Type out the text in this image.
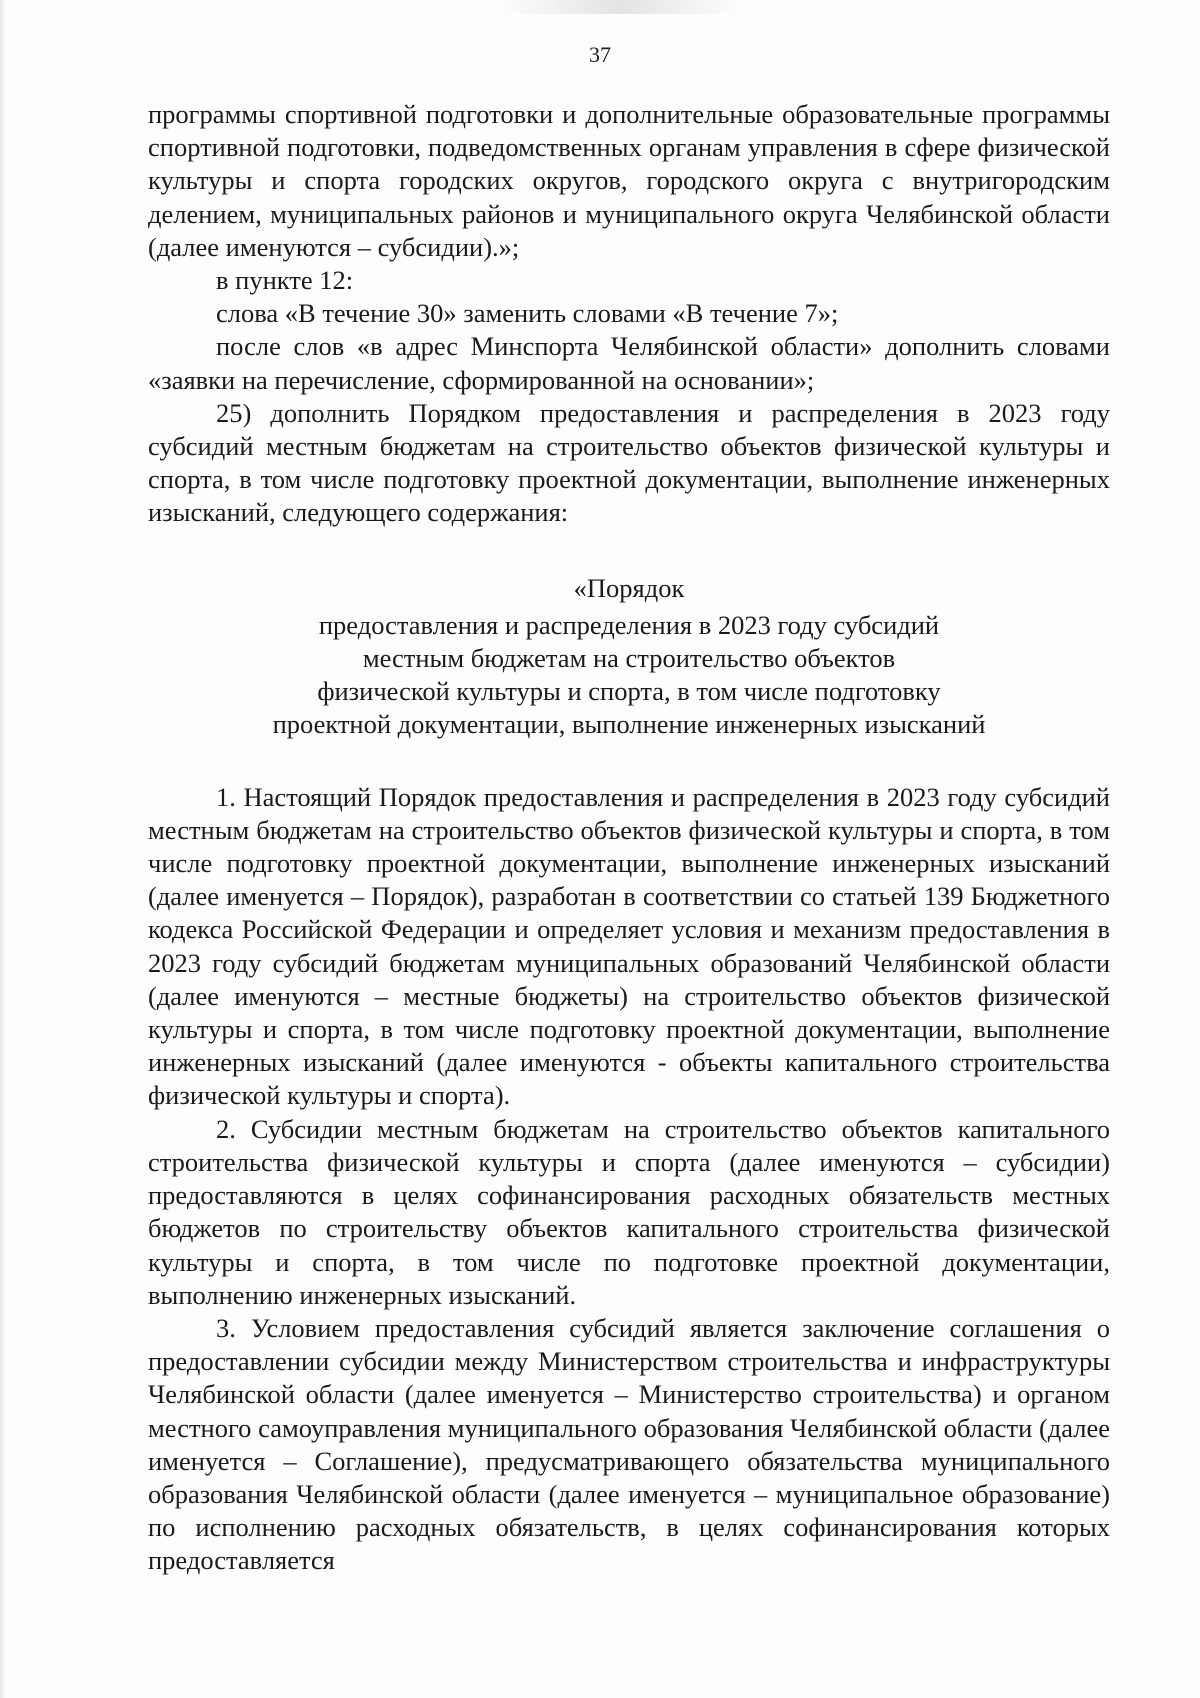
37

программы спортивной подготовки и дополнительные образовательные программы спортивной подготовки, подведомственных органам управления в сфере физической культуры и спорта городских округов, городского округа с внутригородским делением, муниципальных районов и муниципального округа Челябинской области (далее именуются – субсидии).»;

в пункте 12:

слова «В течение 30» заменить словами «В течение 7»;

после слов «в адрес Минспорта Челябинской области» дополнить словами «заявки на перечисление, сформированной на основании»;

25) дополнить Порядком предоставления и распределения в 2023 году субсидий местным бюджетам на строительство объектов физической культуры и спорта, в том числе подготовку проектной документации, выполнение инженерных изысканий, следующего содержания:

«Порядок
предоставления и распределения в 2023 году субсидий
местным бюджетам на строительство объектов
физической культуры и спорта, в том числе подготовку
проектной документации, выполнение инженерных изысканий

1. Настоящий Порядок предоставления и распределения в 2023 году субсидий местным бюджетам на строительство объектов физической культуры и спорта, в том числе подготовку проектной документации, выполнение инженерных изысканий (далее именуется – Порядок), разработан в соответствии со статьей 139 Бюджетного кодекса Российской Федерации и определяет условия и механизм предоставления в 2023 году субсидий бюджетам муниципальных образований Челябинской области (далее именуются – местные бюджеты) на строительство объектов физической культуры и спорта, в том числе подготовку проектной документации, выполнение инженерных изысканий (далее именуются - объекты капитального строительства физической культуры и спорта).

2. Субсидии местным бюджетам на строительство объектов капитального строительства физической культуры и спорта (далее именуются – субсидии) предоставляются в целях софинансирования расходных обязательств местных бюджетов по строительству объектов капитального строительства физической культуры и спорта, в том числе по подготовке проектной документации, выполнению инженерных изысканий.

3. Условием предоставления субсидий является заключение соглашения о предоставлении субсидии между Министерством строительства и инфраструктуры Челябинской области (далее именуется – Министерство строительства) и органом местного самоуправления муниципального образования Челябинской области (далее именуется – Соглашение), предусматривающего обязательства муниципального образования Челябинской области (далее именуется – муниципальное образование) по исполнению расходных обязательств, в целях софинансирования которых предоставляется
